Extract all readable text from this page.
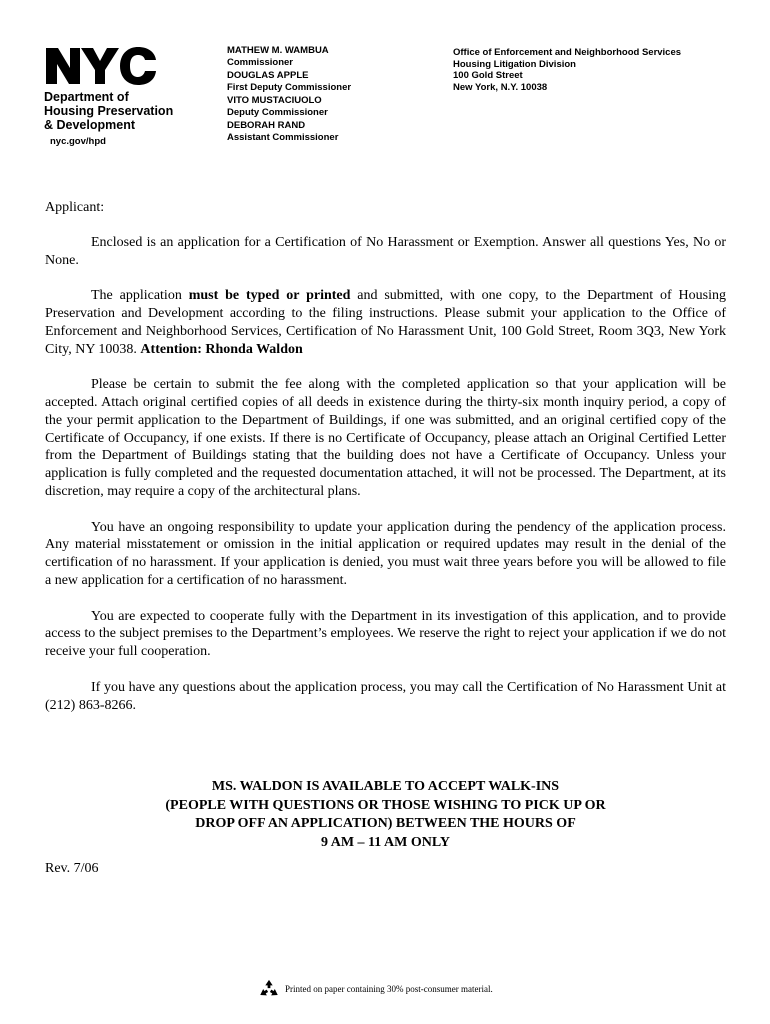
Department of
Housing Preservation
& Development
nyc.gov/hpd
MATHEW M. WAMBUA
Commissioner
DOUGLAS APPLE
First Deputy Commissioner
VITO MUSTACIUOLO
Deputy Commissioner
DEBORAH RAND
Assistant Commissioner
Office of Enforcement and Neighborhood Services
Housing Litigation Division
100 Gold Street
New York, N.Y. 10038

Applicant:

Enclosed is an application for a Certification of No Harassment or Exemption. Answer all questions Yes, No or None.

The application must be typed or printed and submitted, with one copy, to the Department of Housing Preservation and Development according to the filing instructions. Please submit your application to the Office of Enforcement and Neighborhood Services, Certification of No Harassment Unit, 100 Gold Street, Room 3Q3, New York City, NY 10038. Attention: Rhonda Waldon

Please be certain to submit the fee along with the completed application so that your application will be accepted. Attach original certified copies of all deeds in existence during the thirty-six month inquiry period, a copy of the your permit application to the Department of Buildings, if one was submitted, and an original certified copy of the Certificate of Occupancy, if one exists. If there is no Certificate of Occupancy, please attach an Original Certified Letter from the Department of Buildings stating that the building does not have a Certificate of Occupancy. Unless your application is fully completed and the requested documentation attached, it will not be processed. The Department, at its discretion, may require a copy of the architectural plans.

You have an ongoing responsibility to update your application during the pendency of the application process. Any material misstatement or omission in the initial application or required updates may result in the denial of the certification of no harassment. If your application is denied, you must wait three years before you will be allowed to file a new application for a certification of no harassment.

You are expected to cooperate fully with the Department in its investigation of this application, and to provide access to the subject premises to the Department’s employees. We reserve the right to reject your application if we do not receive your full cooperation.

If you have any questions about the application process, you may call the Certification of No Harassment Unit at (212) 863-8266.

MS. WALDON IS AVAILABLE TO ACCEPT WALK-INS
(PEOPLE WITH QUESTIONS OR THOSE WISHING TO PICK UP OR
DROP OFF AN APPLICATION) BETWEEN THE HOURS OF
9 AM – 11 AM ONLY
Rev. 7/06
Printed on paper containing 30% post-consumer material.
